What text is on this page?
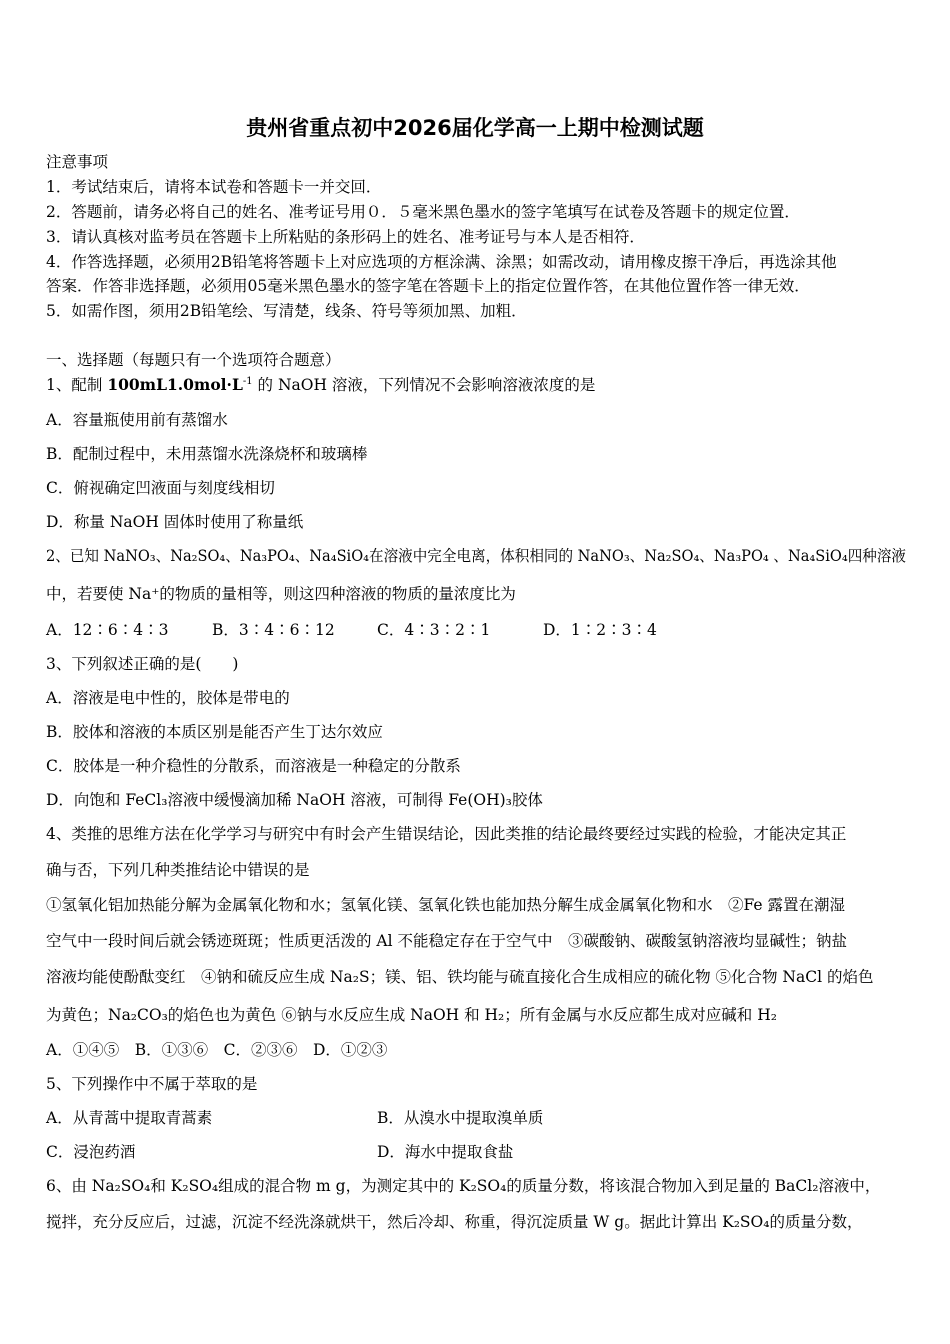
贵州省重点初中2026届化学高一上期中检测试题
注意事项
1．考试结束后，请将本试卷和答题卡一并交回．
2．答题前，请务必将自己的姓名、准考证号用０．５毫米黑色墨水的签字笔填写在试卷及答题卡的规定位置．
3．请认真核对监考员在答题卡上所粘贴的条形码上的姓名、准考证号与本人是否相符．
4．作答选择题，必须用2B铅笔将答题卡上对应选项的方框涂满、涂黑；如需改动，请用橡皮擦干净后，再选涂其他
答案．作答非选择题，必须用05毫米黑色墨水的签字笔在答题卡上的指定位置作答，在其他位置作答一律无效．
5．如需作图，须用2B铅笔绘、写清楚，线条、符号等须加黑、加粗．
一、选择题（每题只有一个选项符合题意）
1、配制 $100mL1.0mol\cdot L^{-1}$ 的 NaOH 溶液，下列情况不会影响溶液浓度的是
A．容量瓶使用前有蒸馏水
B．配制过程中，未用蒸馏水洗涤烧杯和玻璃棒
C．俯视确定凹液面与刻度线相切
D．称量 NaOH 固体时使用了称量纸
2、已知 NaNO₃、Na₂SO₄、Na₃PO₄、Na₄SiO₄在溶液中完全电离，体积相同的 NaNO₃、Na₂SO₄、Na₃PO₄ 、Na₄SiO₄四种溶液
中，若要使 Na⁺的物质的量相等，则这四种溶液的物质的量浓度比为
A．12∶6∶4∶3	B．3∶4∶6∶12	C．4∶3∶2∶1	D．1∶2∶3∶4
3、下列叙述正确的是(　　)
A．溶液是电中性的，胶体是带电的
B．胶体和溶液的本质区别是能否产生丁达尔效应
C．胶体是一种介稳性的分散系，而溶液是一种稳定的分散系
D．向饱和 FeCl₃溶液中缓慢滴加稀 NaOH 溶液，可制得 Fe(OH)₃胶体
4、类推的思维方法在化学学习与研究中有时会产生错误结论，因此类推的结论最终要经过实践的检验，才能决定其正
确与否，下列几种类推结论中错误的是
①氢氧化铝加热能分解为金属氧化物和水；氢氧化镁、氢氧化铁也能加热分解生成金属氧化物和水　②Fe 露置在潮湿
空气中一段时间后就会锈迹斑斑；性质更活泼的 Al 不能稳定存在于空气中　③碳酸钠、碳酸氢钠溶液均显碱性；钠盐
溶液均能使酚酞变红　④钠和硫反应生成 Na₂S；镁、铝、铁均能与硫直接化合生成相应的硫化物 ⑤化合物 NaCl 的焰色
为黄色；Na₂CO₃的焰色也为黄色 ⑥钠与水反应生成 NaOH 和 H₂；所有金属与水反应都生成对应碱和 H₂
A．①④⑤　B．①③⑥　C．②③⑥　D．①②③
5、下列操作中不属于萃取的是
A．从青蒿中提取青蒿素	B．从溴水中提取溴单质
C．浸泡药酒	D．海水中提取食盐
6、由 Na₂SO₄和 K₂SO₄组成的混合物 m g，为测定其中的 K₂SO₄的质量分数，将该混合物加入到足量的 BaCl₂溶液中，
搅拌，充分反应后，过滤，沉淀不经洗涤就烘干，然后冷却、称重，得沉淀质量 W g。据此计算出 K₂SO₄的质量分数，
